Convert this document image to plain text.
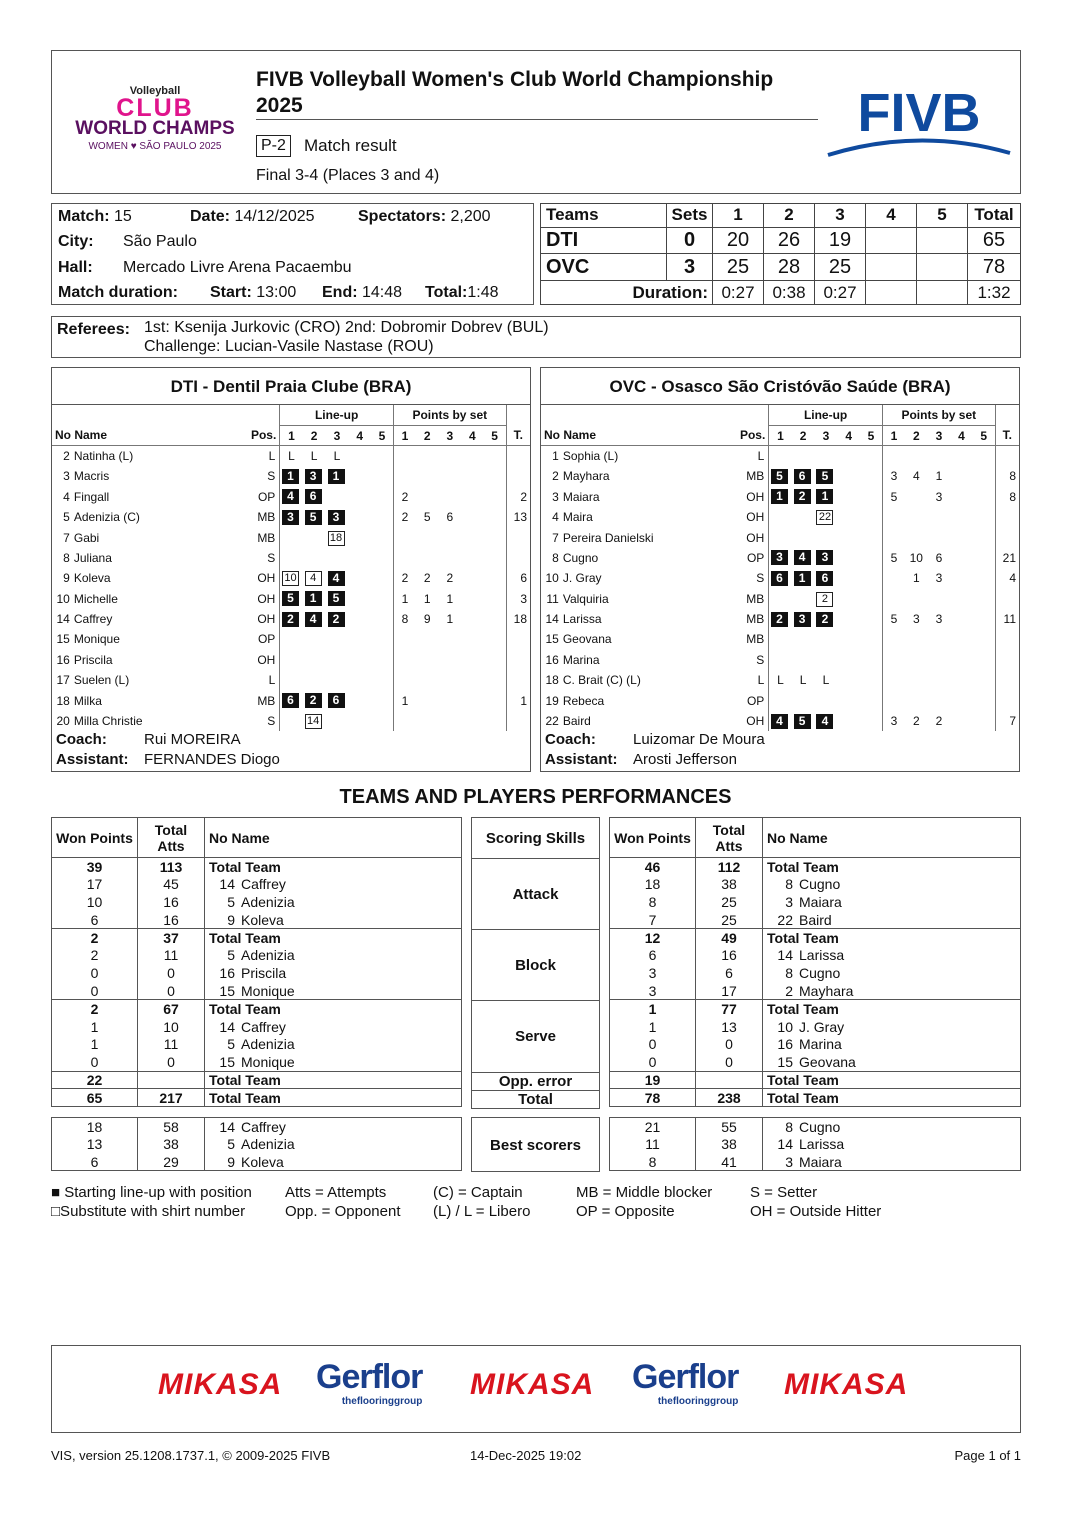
Volleyball
CLUB
WORLD CHAMPS
WOMEN ♥ SÃO PAULO 2025
FIVB Volleyball Women's Club World Championship 2025
P-2 Match result
Final 3-4 (Places 3 and 4)
FIVB
Match: 15	Date: 14/12/2025	Spectators: 2,200
City: São Paulo
Hall: Mercado Livre Arena Pacaembu
Match duration: Start: 13:00 End: 14:48 Total:1:48
Teams	Sets	1	2	3	4	5	Total
DTI	0	20	26	19			65
OVC	3	25	28	25			78
Duration:		0:27	0:38	0:27			1:32
Referees: 1st: Ksenija Jurkovic (CRO) 2nd: Dobromir Dobrev (BUL)
Challenge: Lucian-Vasile Nastase (ROU)
DTI - Dentil Praia Clube (BRA)
			Line-up					Points by set					
No Name		Pos.	1	2	3	4	5	1	2	3	4	5	T.
2	Natinha (L)	L	L	L	L								
3	Macris	S	1	3	1								
4	Fingall	OP	4	6				2					2
5	Adenizia (C)	MB	3	5	3			2	5	6			13
7	Gabi	MB			18								
8	Juliana	S											
9	Koleva	OH	10	4	4			2	2	2			6
10	Michelle	OH	5	1	5			1	1	1			3
14	Caffrey	OH	2	4	2			8	9	1			18
15	Monique	OP											
16	Priscila	OH											
17	Suelen (L)	L											
18	Milka	MB	6	2	6			1					1
20	Milla Christie	S		14									
Coach: Rui MOREIRA
Assistant: FERNANDES Diogo
OVC - Osasco São Cristóvão Saúde (BRA)
			Line-up					Points by set					
No Name		Pos.	1	2	3	4	5	1	2	3	4	5	T.
1	Sophia (L)	L											
2	Mayhara	MB	5	6	5			3	4	1			8
3	Maiara	OH	1	2	1			5		3			8
4	Maira	OH			22								
7	Pereira Danielski	OH											
8	Cugno	OP	3	4	3			5	10	6			21
10	J. Gray	S	6	1	6				1	3			4
11	Valquiria	MB			2								
14	Larissa	MB	2	3	2			5	3	3			11
15	Geovana	MB											
16	Marina	S											
18	C. Brait (C) (L)	L	L	L	L								
19	Rebeca	OP											
22	Baird	OH	4	5	4			3	2	2			7
Coach: Luizomar De Moura
Assistant: Arosti Jefferson
TEAMS AND PLAYERS PERFORMANCES
Won Points	Total Atts	No Name
39	113	Total Team
17	45	14 Caffrey
10	16	5 Adenizia
6	16	9 Koleva
2	37	Total Team
2	11	5 Adenizia
0	0	16 Priscila
0	0	15 Monique
2	67	Total Team
1	10	14 Caffrey
1	11	5 Adenizia
0	0	15 Monique
22		Total Team
65	217	Total Team
Won Points	Total Atts	No Name
46	112	Total Team
18	38	8 Cugno
8	25	3 Maiara
7	25	22 Baird
12	49	Total Team
6	16	14 Larissa
3	6	8 Cugno
3	17	2 Mayhara
1	77	Total Team
1	13	10 J. Gray
0	0	16 Marina
0	0	15 Geovana
19		Total Team
78	238	Total Team
Scoring Skills
Attack
Block
Serve
Opp. error
Total
18	58	14 Caffrey
13	38	5 Adenizia
6	29	9 Koleva
21	55	8 Cugno
11	38	14 Larissa
8	41	3 Maiara
Best scorers
■ Starting line-up with position Atts = Attempts	(C) = Captain	MB = Middle blocker	S = Setter
□Substitute with shirt number	Opp. = Opponent (L) / L = Libero	OP = Opposite	OH = Outside Hitter
MIKASA Gerflor
theflooringgroup
MIKASA Gerflor
theflooringgroup
MIKASA
VIS, version 25.1208.1737.1, © 2009-2025 FIVB	14-Dec-2025 19:02	Page 1 of 1
